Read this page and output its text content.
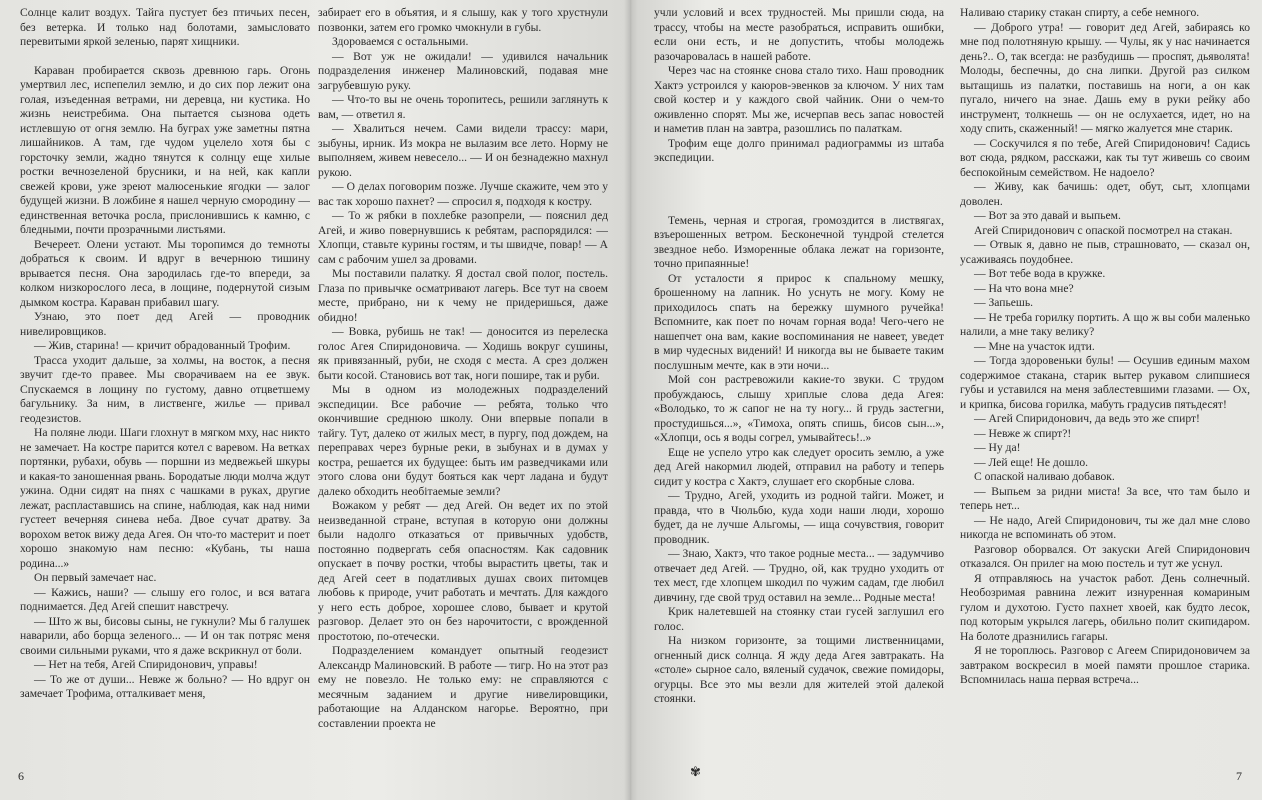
Солнце калит воздух. Тайга пустует без птичьих песен, без ветерка. И только над болотами, замысловато перевитыми яркой зеленью, парят хищники.

Караван пробирается сквозь древнюю гарь. Огонь умертвил лес, испепелил землю, и до сих пор лежит она голая, изъеденная ветрами, ни деревца, ни кустика. Но жизнь неистребима. Она пытается сызнова одеть истлевшую от огня землю. На буграх уже заметны пятна лишайников. А там, где чудом уцелело хотя бы с горсточку земли, жадно тянутся к солнцу еще хилые ростки вечнозеленой брусники, и на ней, как капли свежей крови, уже зреют малюсенькие ягодки — залог будущей жизни. В ложбине я нашел черную смородину — единственная веточка росла, прислонившись к камню, с бледными, почти прозрачными листьями.

Вечереет. Олени устают. Мы торопимся до темноты добраться к своим. И вдруг в вечернюю тишину врывается песня. Она зародилась где-то впереди, за колком низкорослого леса, в лощине, подернутой сизым дымком костра. Караван прибавил шагу.

Узнаю, это поет дед Агей — проводник нивелировщиков.

— Жив, старина! — кричит обрадованный Трофим.

Трасса уходит дальше, за холмы, на восток, а песня звучит где-то правее. Мы сворачиваем на ее звук. Спускаемся в лощину по густому, давно отцветшему багульнику. За ним, в лиственге, жилье — привал геодезистов.

На поляне люди. Шаги глохнут в мягком мху, нас никто не замечает. На костре парится котел с варевом. На ветках портянки, рубахи, обувь — поршни из медвежьей шкуры и какая-то заношенная рвань. Бородатые люди молча ждут ужина. Одни сидят на пнях с чашками в руках, другие лежат, распластавшись на спине, наблюдая, как над ними густеет вечерняя синева неба. Двое сучат дратву. За ворохом веток вижу деда Агея. Он что-то мастерит и поет хорошо знакомую нам песню: «Кубань, ты наша родина...»

Он первый замечает нас.

— Кажись, наши? — слышу его голос, и вся ватага поднимается. Дед Агей спешит навстречу.

— Што ж вы, бисовы сыны, не гукнули? Мы б галушек наварили, або борща зеленого... — И он так потряс меня своими сильными руками, что я даже вскрикнул от боли.

— Нет на тебя, Агей Спиридонович, управы!

— То же от души... Невже ж больно? — Но вдруг он замечает Трофима, отталкивает меня,

забирает его в объятия, и я слышу, как у того хрустнули позвонки, затем его громко чмокнули в губы.

Здороваемся с остальными.

— Вот уж не ожидали! — удивился начальник подразделения инженер Малиновский, подавая мне загрубевшую руку.

— Что-то вы не очень торопитесь, решили заглянуть к вам, — ответил я.

— Хвалиться нечем. Сами видели трассу: мари, зыбуны, ирник. Из мокра не вылазим все лето. Норму не выполняем, живем невесело... — И он безнадежно махнул рукою.

— О делах поговорим позже. Лучше скажите, чем это у вас так хорошо пахнет? — спросил я, подходя к костру.

— То ж рябки в похлебке разопрели, — пояснил дед Агей, и живо повернувшись к ребятам, распорядился: — Хлопци, ставьте курины гостям, и ты швидче, повар! — А сам с рабочим ушел за дровами.

Мы поставили палатку. Я достал свой полог, постель. Глаза по привычке осматривают лагерь. Все тут на своем месте, прибрано, ни к чему не придеришься, даже обидно!

— Вовка, рубишь не так! — доносится из перелеска голос Агея Спиридоновича. — Ходишь вокруг сушины, як привязанный, руби, не сходя с места. А срез должен быти косой. Становись вот так, ноги пошире, так и руби.

Мы в одном из молодежных подразделений экспедиции. Все рабочие — ребята, только что окончившие среднюю школу. Они впервые попали в тайгу. Тут, далеко от жилых мест, в пургу, под дождем, на переправах через бурные реки, в зыбунах и в думах у костра, решается их будущее: быть им разведчиками или этого слова они будут бояться как черт ладана и будут далеко обходить необітаемые земли?

Вожаком у ребят — дед Агей. Он ведет их по этой неизведанной стране, вступая в которую они должны были надолго отказаться от привычных удобств, постоянно подвергать себя опасностям. Как садовник опускает в почву ростки, чтобы вырастить цветы, так и дед Агей сеет в податливых душах своих питомцев любовь к природе, учит работать и мечтать. Для каждого у него есть доброе, хорошее слово, бывает и крутой разговор. Делает это он без нарочитости, с врожденной простотою, по-отечески.

Подразделением командует опытный геодезист Александр Малиновский. В работе — тигр. Но на этот раз ему не повезло. Не только ему: не справляются с месячным заданием и другие нивелировщики, работающие на Алданском нагорье. Вероятно, при составлении проекта не

6

учли условий и всех трудностей. Мы пришли сюда, на трассу, чтобы на месте разобраться, исправить ошибки, если они есть, и не допустить, чтобы молодежь разочаровалась в нашей работе.

Через час на стоянке снова стало тихо. Наш проводник Хактэ устроился у каюров-эвенков за ключом. У них там свой костер и у каждого свой чайник. Они о чем-то оживленно спорят. Мы же, исчерпав весь запас новостей и наметив план на завтра, разошлись по палаткам.

Трофим еще долго принимал радиограммы из штаба экспедиции.

Темень, черная и строгая, громоздится в листвягах, взъерошенных ветром. Бесконечной тундрой стелется звездное небо. Изморенные облака лежат на горизонте, точно припаянные!

От усталости я прирос к спальному мешку, брошенному на лапник. Но уснуть не могу. Кому не приходилось спать на бережку шумного ручейка! Вспомните, как поет по ночам горная вода! Чего-чего не нашепчет она вам, какие воспоминания не навеет, уведет в мир чудесных видений! И никогда вы не бываете таким послушным мечте, как в эти ночи...

Мой сон растревожили какие-то звуки. С трудом пробуждаюсь, слышу хриплые слова деда Агея: «Володько, то ж сапог не на ту ногу... й грудь застегни, простудишься...», «Тимоха, опять спишь, бисов сын...», «Хлопци, ось я воды согрел, умывайтесь!..»

Еще не успело утро как следует оросить землю, а уже дед Агей накормил людей, отправил на работу и теперь сидит у костра с Хактэ, слушает его скорбные слова.

— Трудно, Агей, уходить из родной тайги. Может, и правда, что в Чюльбю, куда ходи наши люди, хорошо будет, да не лучше Альгомы, — ища сочувствия, говорит проводник.

— Знаю, Хактэ, что такое родные места... — задумчиво отвечает дед Агей. — Трудно, ой, как трудно уходить от тех мест, где хлопцем шкодил по чужим садам, где любил дивчину, где свой труд оставил на земле... Родные места!

Крик налетевшей на стоянку стаи гусей заглушил его голос.

На низком горизонте, за тощими лиственницами, огненный диск солнца. Я жду деда Агея завтракать. На «столе» сырное сало, вяленый судачок, свежие помидоры, огурцы. Все это мы везли для жителей этой далекой стоянки.

Наливаю старику стакан спирту, а себе немного.

— Доброго утра! — говорит дед Агей, забираясь ко мне под полотняную крышу. — Чулы, як у нас начинается день?.. О, так всегда: не разбудишь — проспят, дьяволята! Молоды, беспечны, до сна липки. Другой раз силком вытащишь из палатки, поставишь на ноги, а он как пугало, ничего на знае. Дашь ему в руки рейку або инструмент, толкнешь — он не ослухается, идет, но на ходу спить, скаженный! — мягко жалуется мне старик.

— Соскучился я по тебе, Агей Спиридонович! Садись вот сюда, рядком, расскажи, как ты тут живешь со своим беспокойным семейством. Не надоело?

— Живу, как бачишь: одет, обут, сыт, хлопцами доволен.

— Вот за это давай и выпьем.

Агей Спиридонович с опаской посмотрел на стакан.

— Отвык я, давно не пыв, страшновато, — сказал он, усаживаясь поудобнее.

— Вот тебе вода в кружке.

— На что вона мне?

— Запьешь.

— Не треба горилку портить. А що ж вы соби маленько налили, а мне таку велику?

— Мне на участок идти.

— Тогда здоровеньки булы! — Осушив единым махом содержимое стакана, старик вытер рукавом слипшиеся губы и уставился на меня заблестевшими глазами. — Ох, и крипка, бисова горилка, мабуть градусив пятьдесят!

— Агей Спиридонович, да ведь это же спирт!

— Невже ж спирт?!

— Ну да!

— Лей еще! Не дошло.

С опаской наливаю добавок.

— Выпьем за ридни миста! За все, что там было и теперь нет...

— Не надо, Агей Спиридонович, ты же дал мне слово никогда не вспоминать об этом.

Разговор оборвался. От закуски Агей Спиридонович отказался. Он прилег на мою постель и тут же уснул.

Я отправляюсь на участок работ. День солнечный. Необозримая равнина лежит изнуренная комариным гулом и духотою. Густо пахнет хвоей, как будто лесок, под которым укрылся лагерь, обильно полит скипидаром. На болоте дразнились гагары.

Я не тороплюсь. Разговор с Агеем Спиридоновичем за завтраком воскресил в моей памяти прошлое старика. Вспомнилась наша первая встреча...

✾	7
